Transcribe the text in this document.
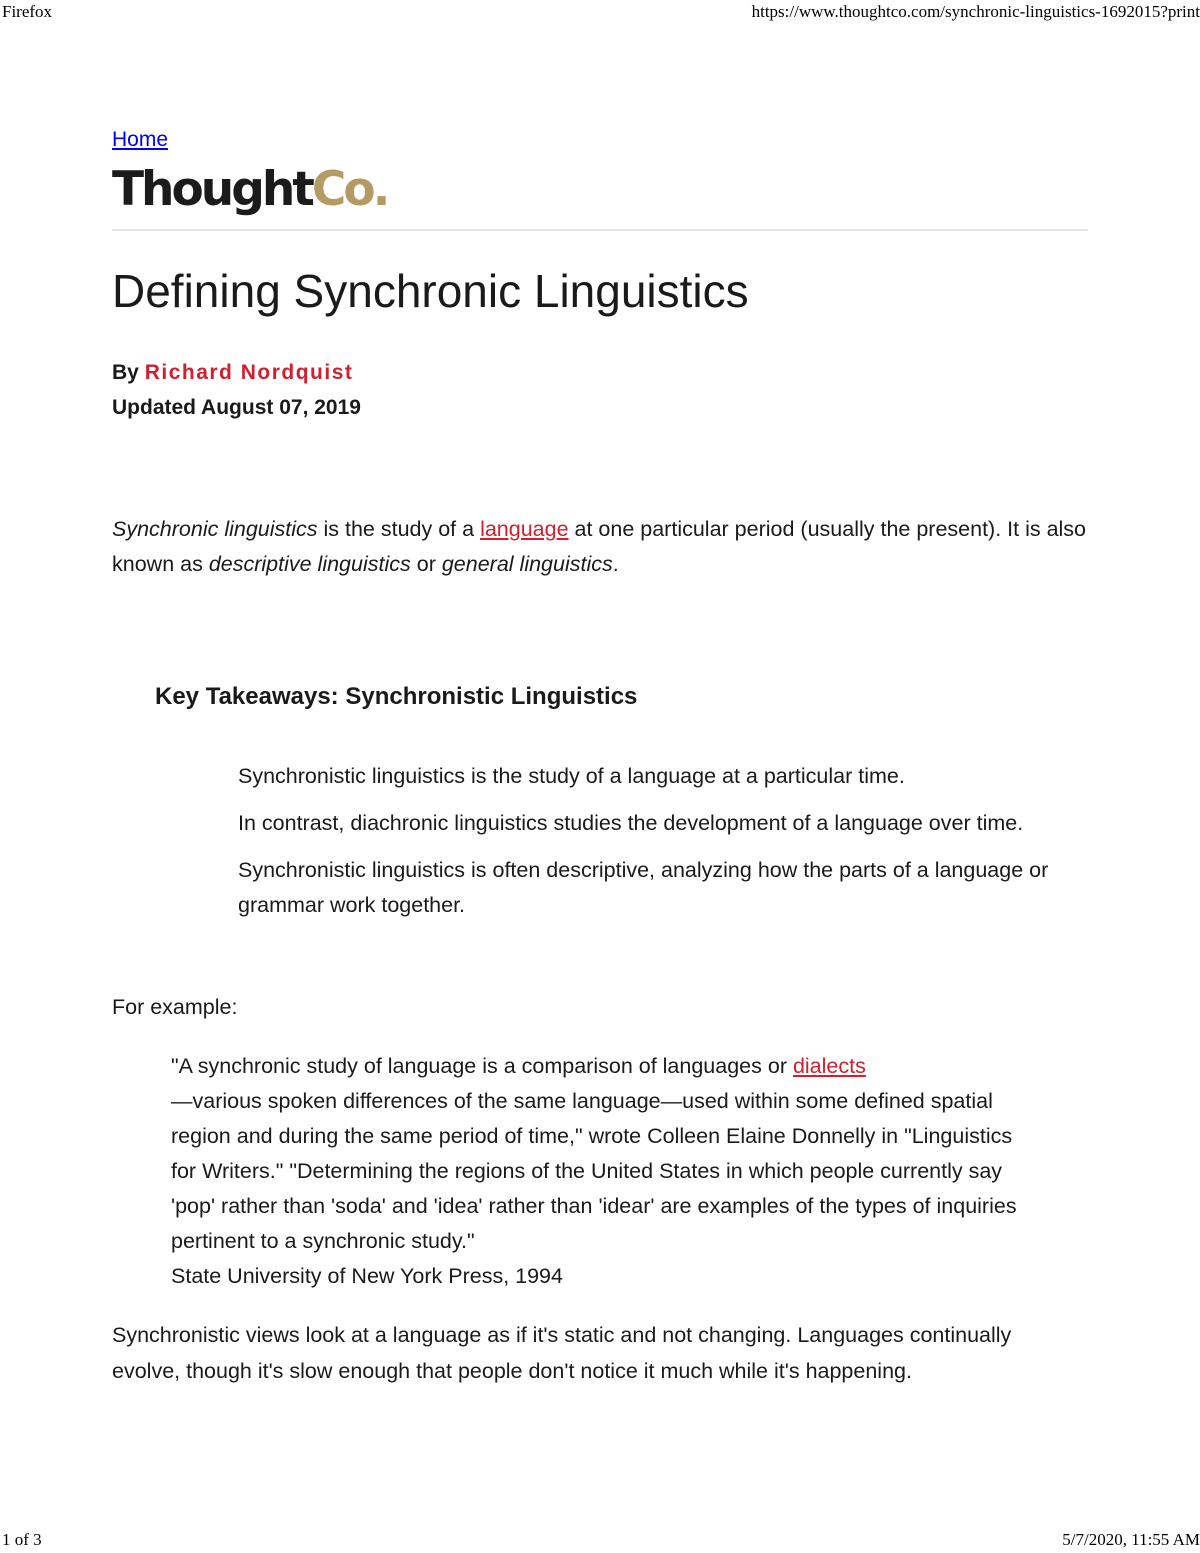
Firefox	https://www.thoughtco.com/synchronic-linguistics-1692015?print
Home
Thought Co.
Defining Synchronic Linguistics
By Richard Nordquist
Updated August 07, 2019

Synchronic linguistics is the study of a language at one particular period (usually the present). It is also known as descriptive linguistics or general linguistics.

Key Takeaways: Synchronistic Linguistics
Synchronistic linguistics is the study of a language at a particular time.
In contrast, diachronic linguistics studies the development of a language over time.
Synchronistic linguistics is often descriptive, analyzing how the parts of a language or grammar work together.

For example:

"A synchronic study of language is a comparison of languages or dialects
—various spoken differences of the same language—used within some defined spatial region and during the same period of time," wrote Colleen Elaine Donnelly in "Linguistics for Writers." "Determining the regions of the United States in which people currently say 'pop' rather than 'soda' and 'idea' rather than 'idear' are examples of the types of inquiries pertinent to a synchronic study."
State University of New York Press, 1994

Synchronistic views look at a language as if it's static and not changing. Languages continually evolve, though it's slow enough that people don't notice it much while it's happening.

1 of 3	5/7/2020, 11:55 AM
